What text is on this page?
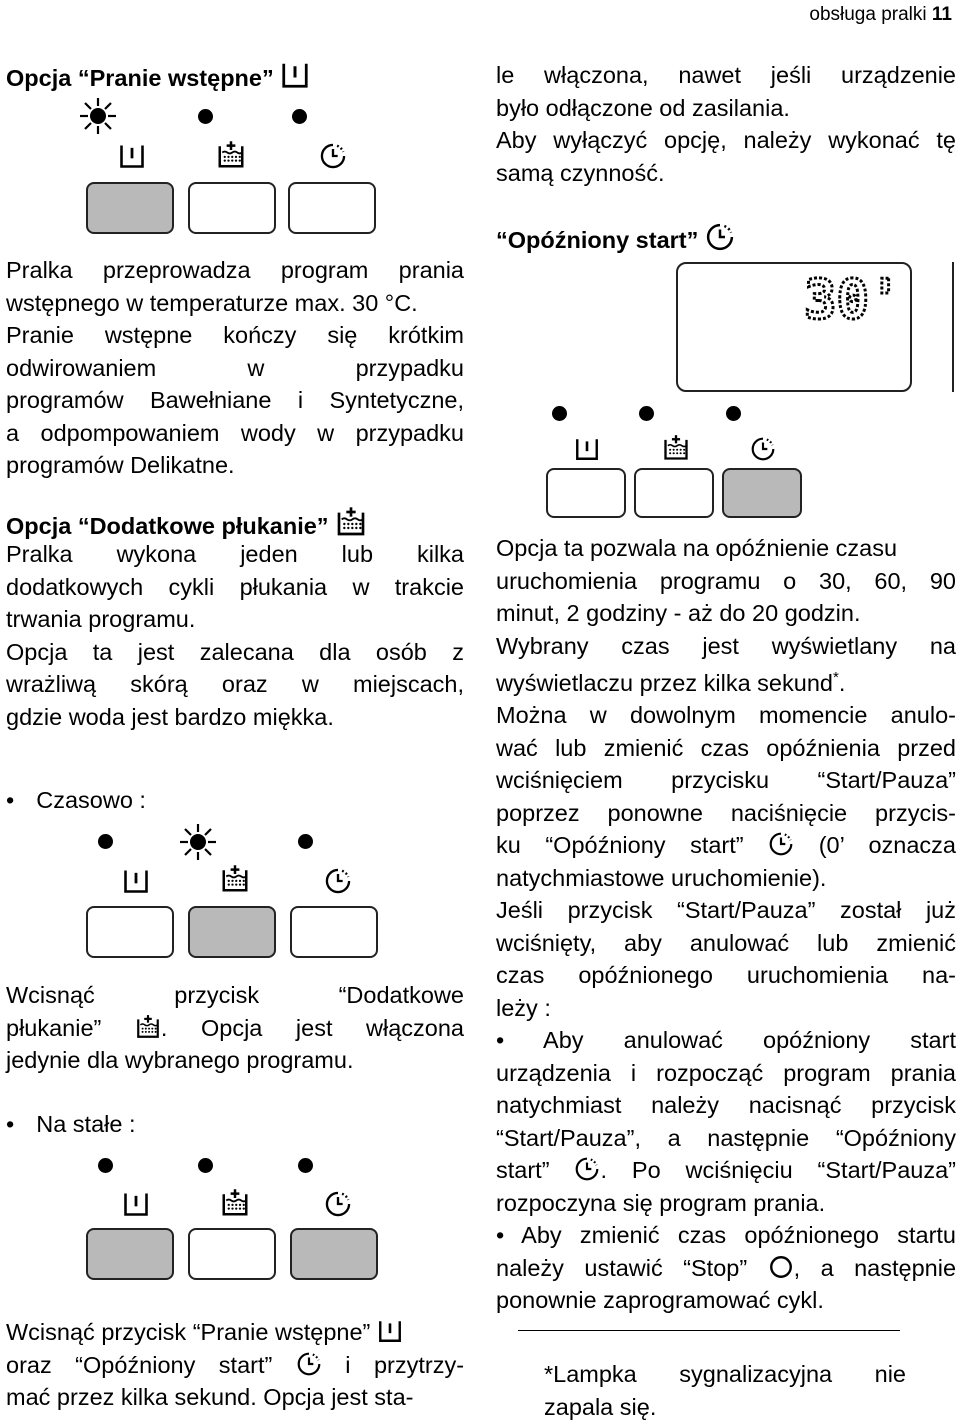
obsługa pralki 11

Opcja “Pranie wstępne”

Pralka przeprowadza program prania
wstępnego w temperaturze max. 30 °C.
Pranie wstępne kończy się krótkim
odwirowaniem w przypadku
programów Bawełniane i Syntetyczne,
a odpompowaniem wody w przypadku
programów Delikatne.

Opcja “Dodatkowe płukanie”

Pralka wykona jeden lub kilka
dodatkowych cykli płukania w trakcie
trwania programu.
Opcja ta jest zalecana dla osób z
wrażliwą skórą oraz w miejscach,
gdzie woda jest bardzo miękka.
• Czasowo :
Wcisnąć przycisk “Dodatkowe
płukanie”	. Opcja jest włączona
jedynie dla wybranego programu.
• Na stałe :
Wcisnąć przycisk “Pranie wstępne”
oraz “Opóźniony start”	i przytrzy-
mać przez kilka sekund. Opcja jest sta-
le włączona, nawet jeśli urządzenie
było odłączone od zasilania.
Aby wyłączyć opcję, należy wykonać tę
samą czynność.

“Opóźniony start”

30'
Opcja ta pozwala na opóźnienie czasu
uruchomienia programu o 30, 60, 90
minut, 2 godziny - aż do 20 godzin.
Wybrany czas jest wyświetlany na
wyświetlaczu przez kilka sekund*.
Można w dowolnym momencie anulo-
wać lub zmienić czas opóźnienia przed
wciśnięciem przycisku “Start/Pauza”
poprzez ponowne naciśnięcie przycis-
ku “Opóźniony start”	(0’ oznacza
natychmiastowe uruchomienie).
Jeśli przycisk “Start/Pauza” został już
wciśnięty, aby anulować lub zmienić
czas opóźnionego uruchomienia na-
leży :
• Aby anulować opóźniony start
urządzenia i rozpocząć program prania
natychmiast należy nacisnąć przycisk
“Start/Pauza”, a następnie “Opóźniony
start” . Po wciśnięciu “Start/Pauza”
rozpoczyna się program prania.
• Aby zmienić czas opóźnionego startu
należy ustawić “Stop” , a następnie
ponownie zaprogramować cykl.
*Lampka sygnalizacyjna nie
zapala się.
